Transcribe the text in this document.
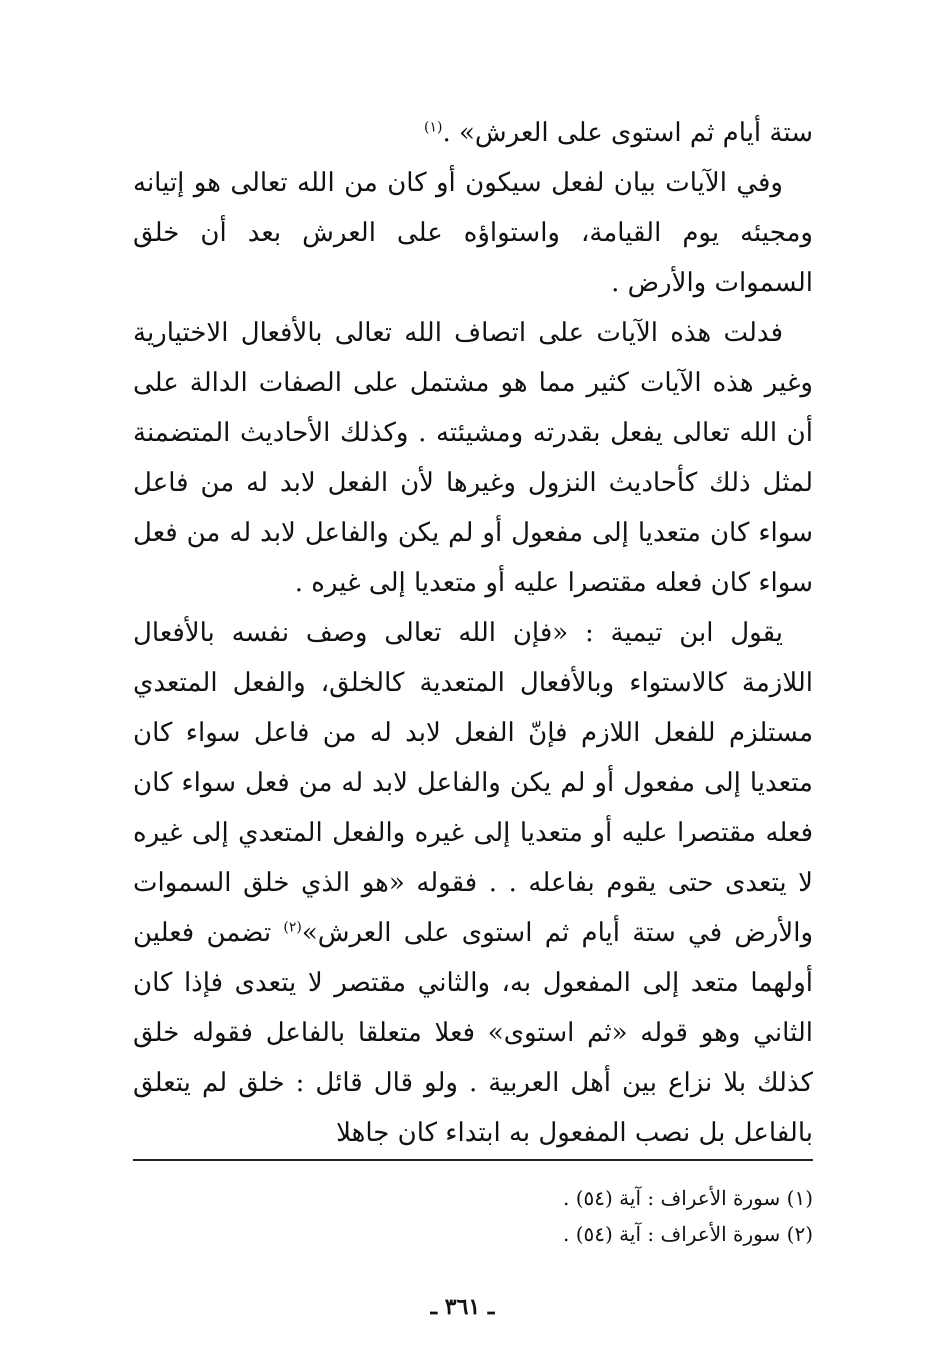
ستة أيام ثم استوى على العرش» .$^{(١)}$

وفي الآيات بيان لفعل سيكون أو كان من الله تعالى هو إتيانه ومجيئه يوم القيامة، واستواؤه على العرش بعد أن خلق السموات والأرض .

فدلت هذه الآيات على اتصاف الله تعالى بالأفعال الاختيارية وغير هذه الآيات كثير مما هو مشتمل على الصفات الدالة على أن الله تعالى يفعل بقدرته ومشيئته . وكذلك الأحاديث المتضمنة لمثل ذلك كأحاديث النزول وغيرها لأن الفعل لابد له من فاعل سواء كان متعديا إلى مفعول أو لم يكن والفاعل لابد له من فعل سواء كان فعله مقتصرا عليه أو متعديا إلى غيره .

يقول ابن تيمية : «فإن الله تعالى وصف نفسه بالأفعال اللازمة كالاستواء وبالأفعال المتعدية كالخلق، والفعل المتعدي مستلزم للفعل اللازم فإنّ الفعل لابد له من فاعل سواء كان متعديا إلى مفعول أو لم يكن والفاعل لابد له من فعل سواء كان فعله مقتصرا عليه أو متعديا إلى غيره والفعل المتعدي إلى غيره لا يتعدى حتى يقوم بفاعله . . فقوله «هو الذي خلق السموات والأرض في ستة أيام ثم استوى على العرش»$^{(٢)}$ تضمن فعلين أولهما متعد إلى المفعول به، والثاني مقتصر لا يتعدى فإذا كان الثاني وهو قوله «ثم استوى» فعلا متعلقا بالفاعل فقوله خلق كذلك بلا نزاع بين أهل العربية . ولو قال قائل : خلق لم يتعلق بالفاعل بل نصب المفعول به ابتداء كان جاهلا

(١) سورة الأعراف : آية (٥٤) .

(٢) سورة الأعراف : آية (٥٤) .

ـ ٣٦١ ـ
